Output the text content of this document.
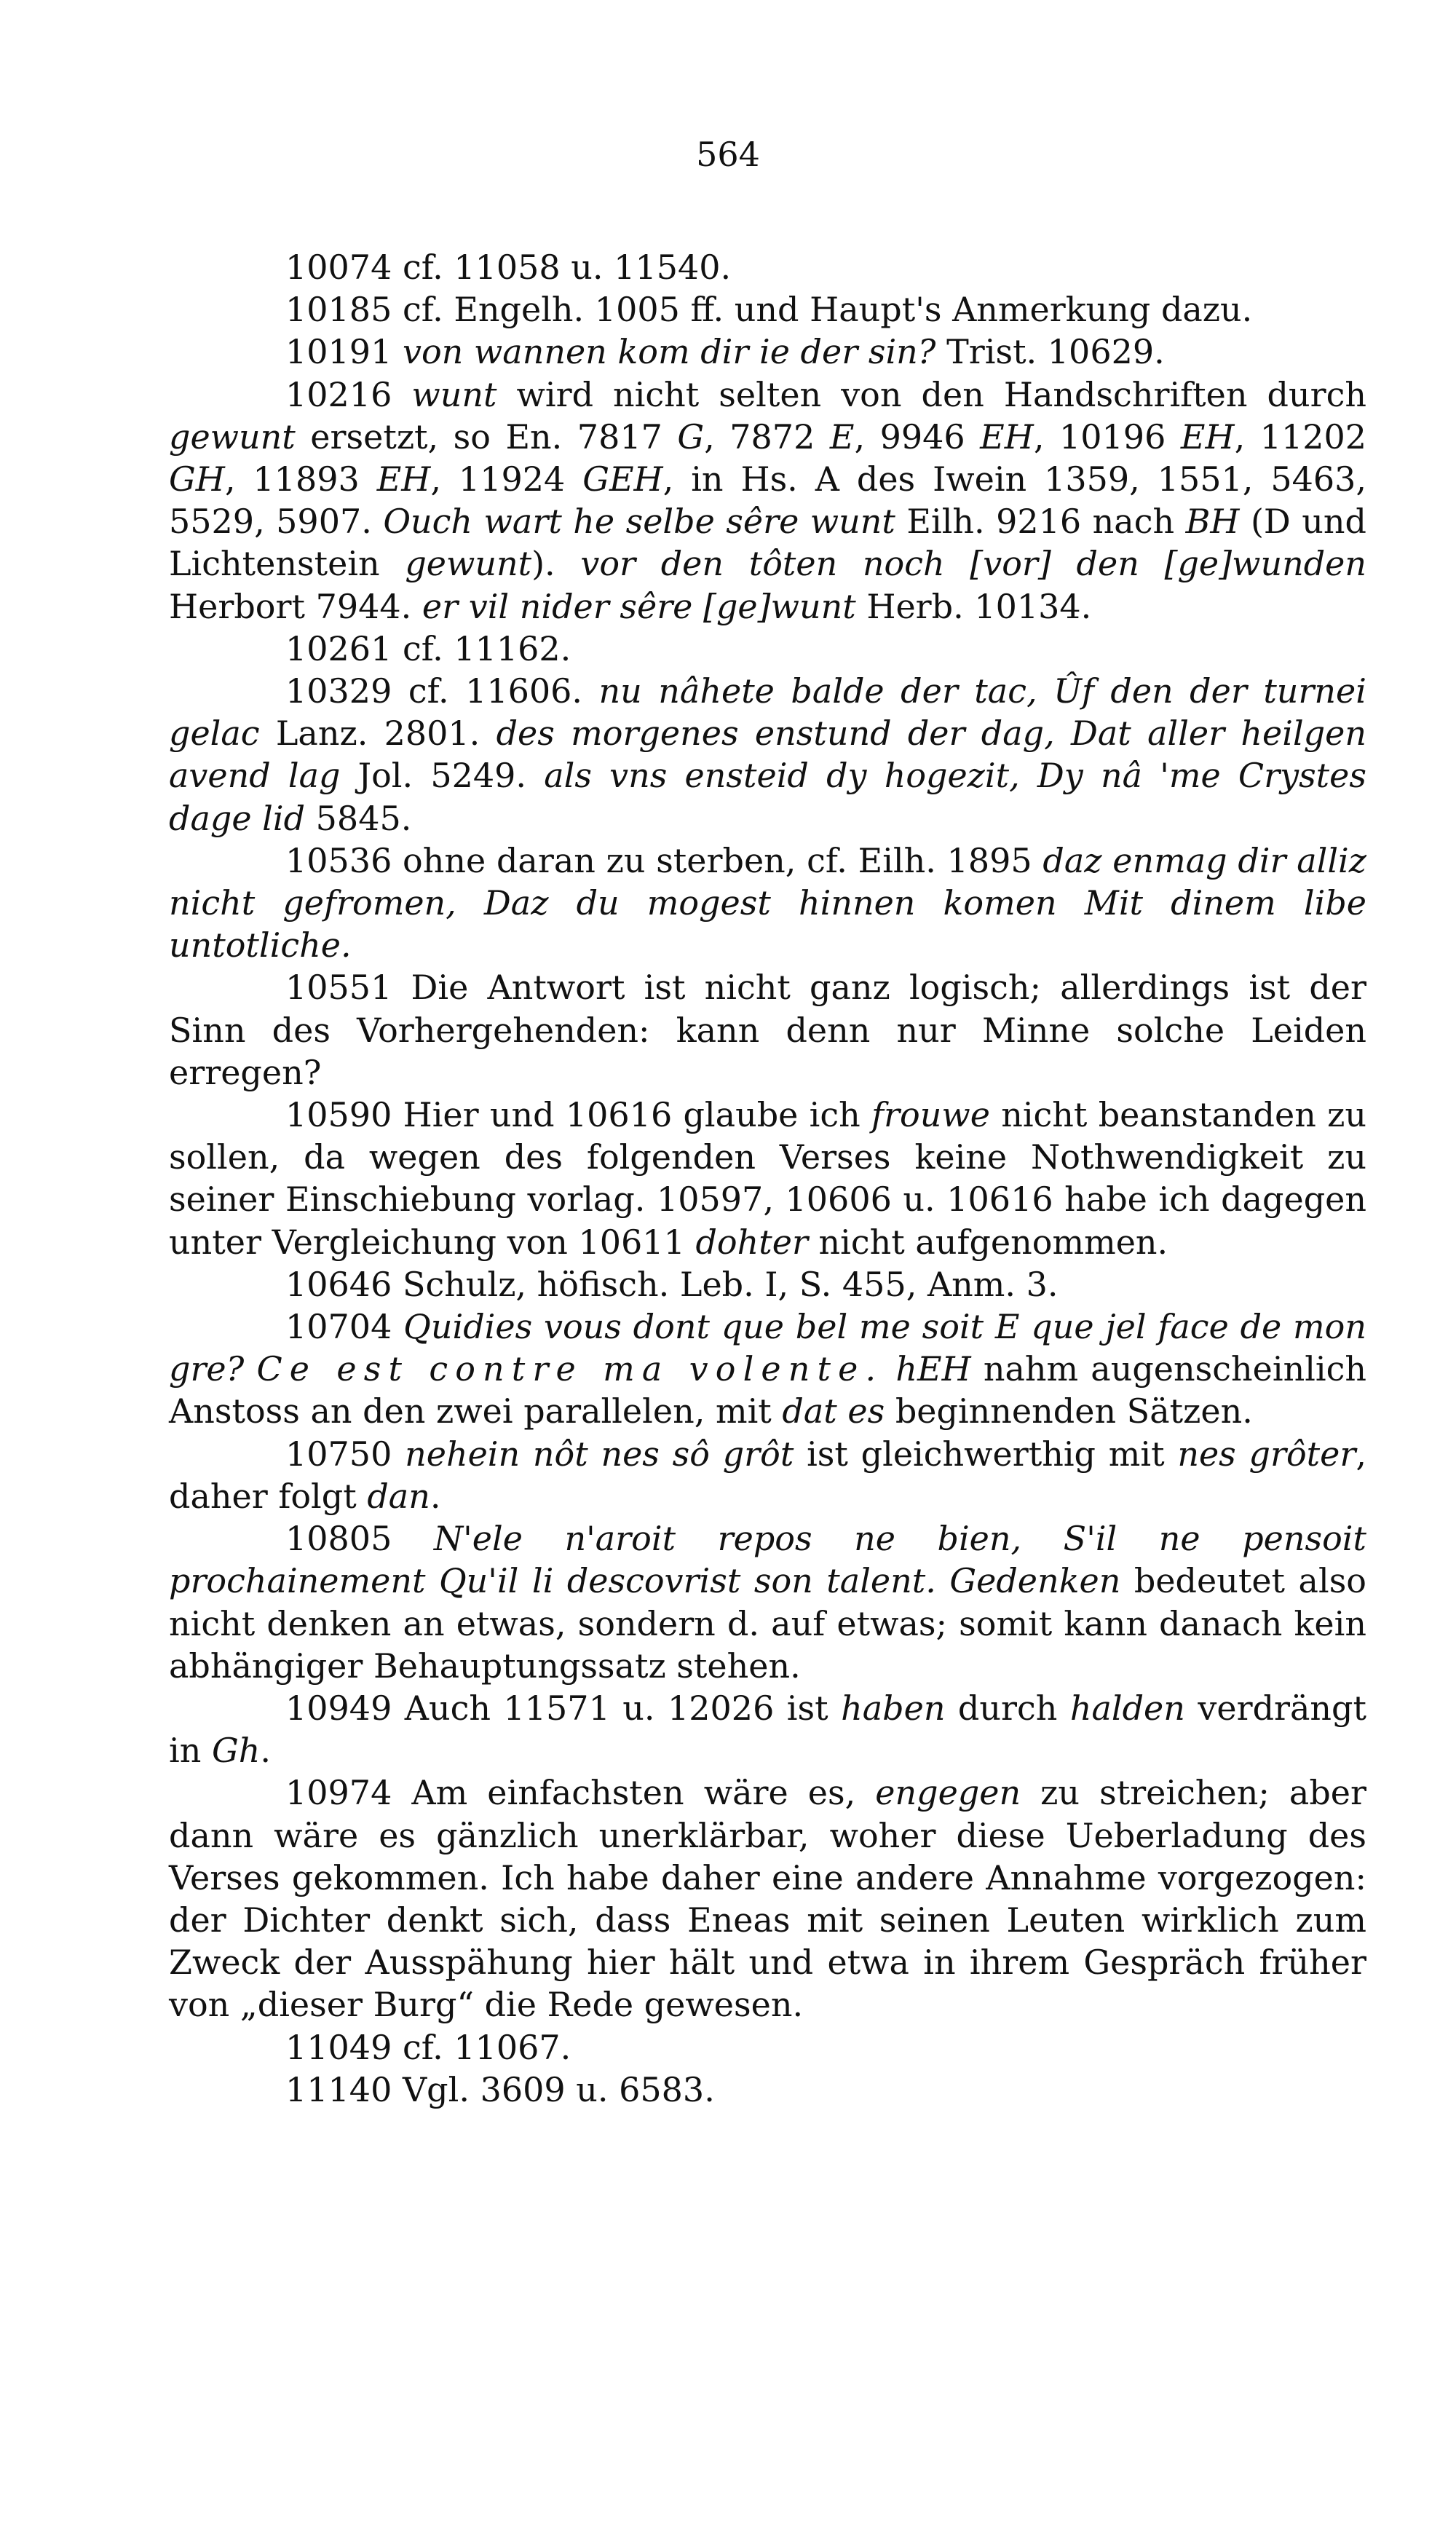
564

10074 cf. 11058 u. 11540.

10185 cf. Engelh. 1005 ff. und Haupt's Anmerkung dazu.

10191 von wannen kom dir ie der sin? Trist. 10629.

10216 wunt wird nicht selten von den Handschriften durch gewunt ersetzt, so En. 7817 G, 7872 E, 9946 EH, 10196 EH, 11202 GH, 11893 EH, 11924 GEH, in Hs. A des Iwein 1359, 1551, 5463, 5529, 5907. Ouch wart he selbe sêre wunt Eilh. 9216 nach BH (D und Lichtenstein gewunt). vor den tôten noch [vor] den [ge]wunden Herbort 7944. er vil nider sêre [ge]wunt Herb. 10134.

10261 cf. 11162.

10329 cf. 11606. nu nâhete balde der tac, Ûf den der turnei gelac Lanz. 2801. des morgenes enstund der dag, Dat aller heilgen avend lag Jol. 5249. als vns ensteid dy hogezit, Dy nâ 'me Crystes dage lid 5845.

10536 ohne daran zu sterben, cf. Eilh. 1895 daz enmag dir alliz nicht gefromen, Daz du mogest hinnen komen Mit dinem libe untotliche.

10551 Die Antwort ist nicht ganz logisch; allerdings ist der Sinn des Vorhergehenden: kann denn nur Minne solche Leiden erregen?

10590 Hier und 10616 glaube ich frouwe nicht beanstanden zu sollen, da wegen des folgenden Verses keine Nothwendigkeit zu seiner Einschiebung vorlag. 10597, 10606 u. 10616 habe ich dagegen unter Vergleichung von 10611 dohter nicht aufgenommen.

10646 Schulz, höfisch. Leb. I, S. 455, Anm. 3.

10704 Quidies vous dont que bel me soit E que jel face de mon gre? Ce est contre ma volente. hEH nahm augenscheinlich Anstoss an den zwei parallelen, mit dat es beginnenden Sätzen.

10750 nehein nôt nes sô grôt ist gleichwerthig mit nes grôter, daher folgt dan.

10805 N'ele n'aroit repos ne bien, S'il ne pensoit prochainement Qu'il li descovrist son talent. Gedenken bedeutet also nicht denken an etwas, sondern d. auf etwas; somit kann danach kein abhängiger Behauptungssatz stehen.

10949 Auch 11571 u. 12026 ist haben durch halden verdrängt in Gh.

10974 Am einfachsten wäre es, engegen zu streichen; aber dann wäre es gänzlich unerklärbar, woher diese Ueberladung des Verses gekommen. Ich habe daher eine andere Annahme vorgezogen: der Dichter denkt sich, dass Eneas mit seinen Leuten wirklich zum Zweck der Ausspähung hier hält und etwa in ihrem Gespräch früher von „dieser Burg“ die Rede gewesen.

11049 cf. 11067.

11140 Vgl. 3609 u. 6583.
